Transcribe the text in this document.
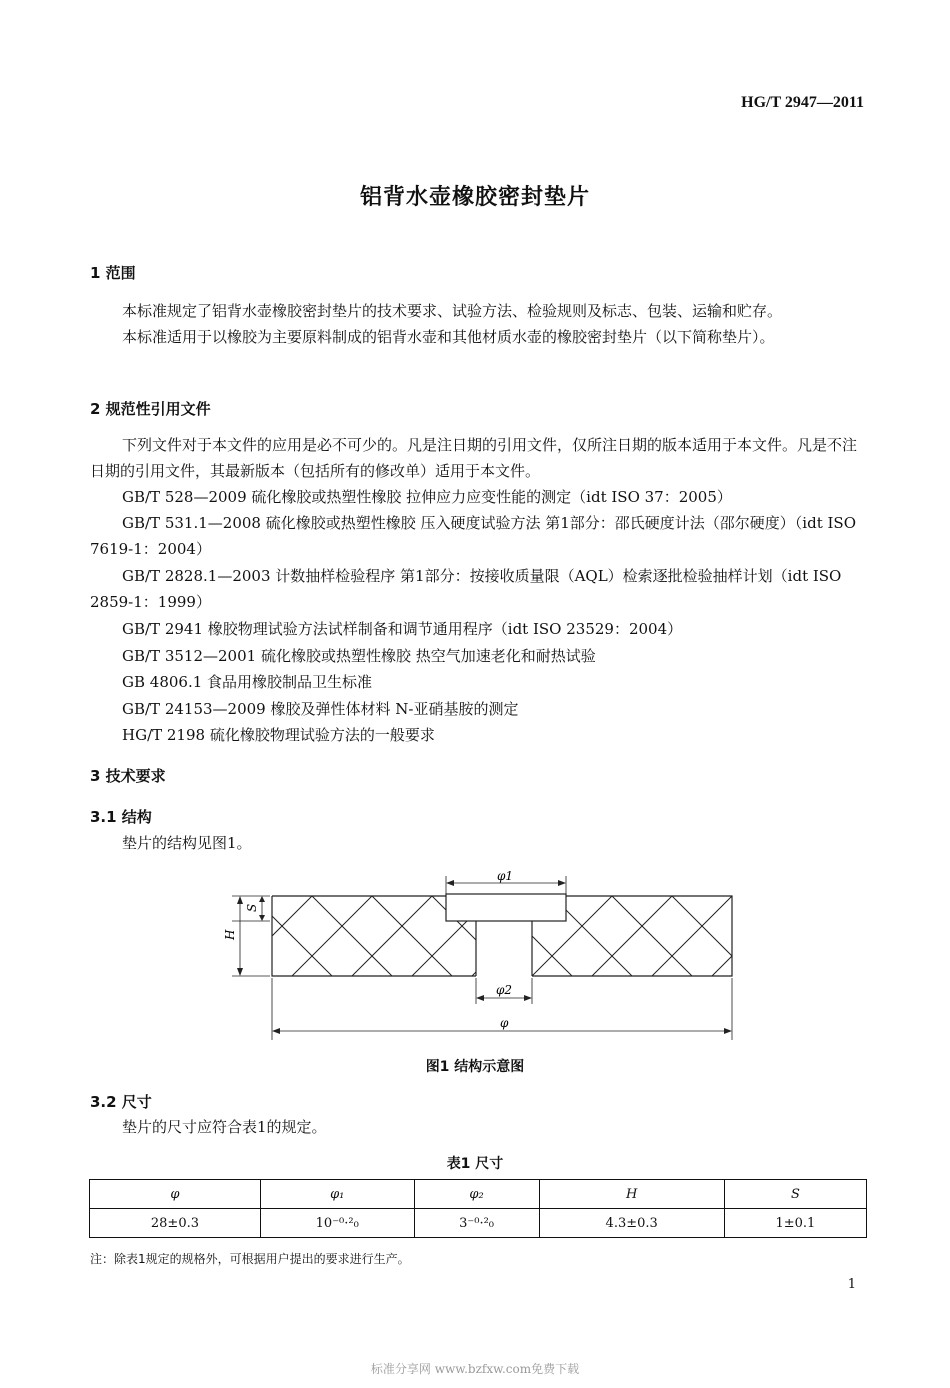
HG/T 2947—2011
铝背水壶橡胶密封垫片
1 范围
本标准规定了铝背水壶橡胶密封垫片的技术要求、试验方法、检验规则及标志、包装、运输和贮存。
本标准适用于以橡胶为主要原料制成的铝背水壶和其他材质水壶的橡胶密封垫片（以下简称垫片）。
2 规范性引用文件
下列文件对于本文件的应用是必不可少的。凡是注日期的引用文件，仅所注日期的版本适用于本文件。凡是不注日期的引用文件，其最新版本（包括所有的修改单）适用于本文件。
GB/T 528—2009 硫化橡胶或热塑性橡胶 拉伸应力应变性能的测定（idt ISO 37：2005）
GB/T 531.1—2008 硫化橡胶或热塑性橡胶 压入硬度试验方法 第1部分：邵氏硬度计法（邵尔硬度）（idt ISO 7619-1：2004）
GB/T 2828.1—2003 计数抽样检验程序 第1部分：按接收质量限（AQL）检索逐批检验抽样计划（idt ISO 2859-1：1999）
GB/T 2941 橡胶物理试验方法试样制备和调节通用程序（idt ISO 23529：2004）
GB/T 3512—2001 硫化橡胶或热塑性橡胶 热空气加速老化和耐热试验
GB 4806.1 食品用橡胶制品卫生标准
GB/T 24153—2009 橡胶及弹性体材料 N-亚硝基胺的测定
HG/T 2198 硫化橡胶物理试验方法的一般要求
3 技术要求
3.1 结构
垫片的结构见图1。
φ1
φ2
φ
H
S
图1 结构示意图
3.2 尺寸
垫片的尺寸应符合表1的规定。
表1 尺寸
φ	φ₁	φ₂	H	S
28±0.3	10⁻⁰·²₀	3⁻⁰·²₀	4.3±0.3	1±0.1
注：除表1规定的规格外，可根据用户提出的要求进行生产。
1
标准分享网 www.bzfxw.com免费下载
